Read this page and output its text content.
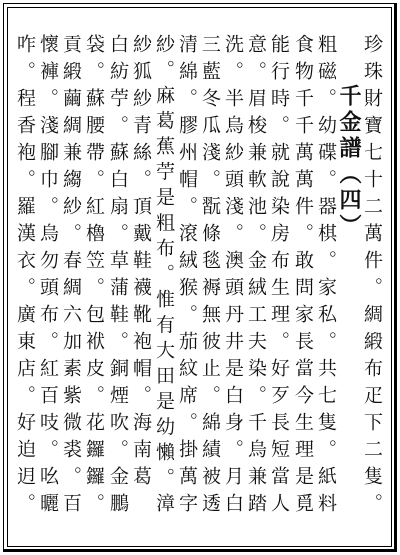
珍珠財寶七十二萬件。綢緞布疋下二隻。
千金譜（四）
粗磁。幼碟。器棋。家私。共七隻。紙料
食物千千萬萬件。敢問家長當今生理是覓
能行時。就說染房布生理。好歹長短當人
意。眉梭兼軟池。金絨工夫染。千烏兼踏
洗。半烏紗頭淺。澳頭丹井是白身。月白
三藍冬瓜淺。翫條毯褥無彼止。綿績被透
清綿。膠州帽。滾絨猴。茄紋席。掛萬字
紗。麻葛蕉苧是粗布。惟有大田是幼懶。漳
紗狐紗青絲。頂戴鞋襪靴袍帽。海南葛
白紡苧。蘇白扇。草蒲鞋。銅煙吹。金鵬
袋。蘇腰帶。紅櫓笠。包袱皮。花鑼鑼。
貢緞繭綢兼縐紗。春綢六加素紫微裘。百
懷褲。淺腳巾。烏勿頭布。紅百吱。吆曬
咋。程香袍。羅漢衣。廣東店。好迫迌。
